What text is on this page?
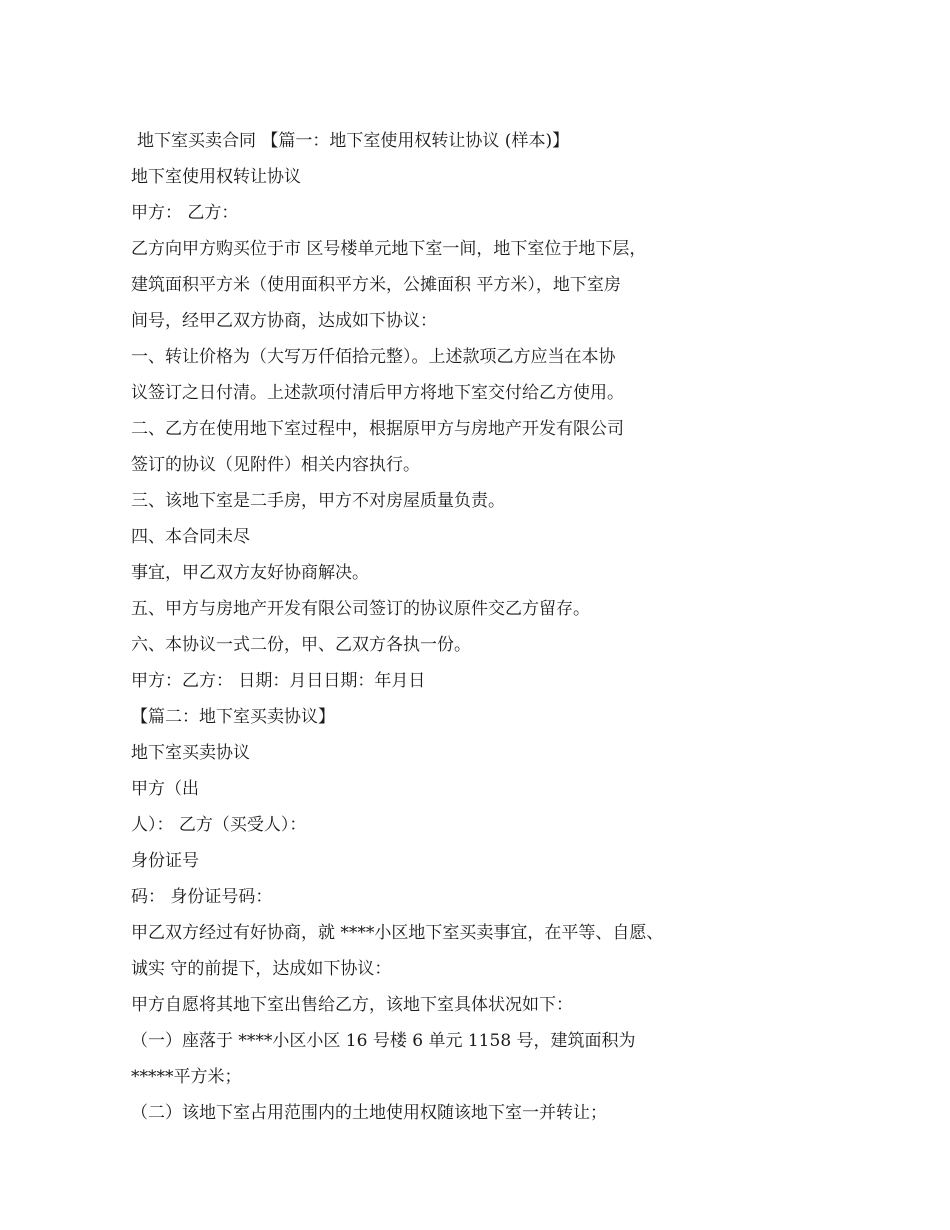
地下室买卖合同 【篇一：地下室使用权转让协议 (样本)】
地下室使用权转让协议
甲方： 乙方：
乙方向甲方购买位于市 区号楼单元地下室一间，地下室位于地下层，
建筑面积平方米（使用面积平方米，公摊面积 平方米），地下室房
间号，经甲乙双方协商，达成如下协议：
一、转让价格为（大写万仟佰拾元整）。上述款项乙方应当在本协
议签订之日付清。上述款项付清后甲方将地下室交付给乙方使用。
二、乙方在使用地下室过程中，根据原甲方与房地产开发有限公司
签订的协议（见附件）相关内容执行。
三、该地下室是二手房，甲方不对房屋质量负责。
四、本合同未尽
事宜，甲乙双方友好协商解决。
五、甲方与房地产开发有限公司签订的协议原件交乙方留存。
六、本协议一式二份，甲、乙双方各执一份。
甲方：乙方： 日期：月日日期：年月日
【篇二：地下室买卖协议】
地下室买卖协议
甲方（出
人）： 乙方（买受人）：
身份证号
码： 身份证号码：
甲乙双方经过有好协商，就 ****小区地下室买卖事宜，在平等、自愿、
诚实 守的前提下，达成如下协议：
甲方自愿将其地下室出售给乙方，该地下室具体状况如下：
（一）座落于 ****小区小区 16 号楼 6 单元 1158 号，建筑面积为
*****平方米；
（二）该地下室占用范围内的土地使用权随该地下室一并转让；
